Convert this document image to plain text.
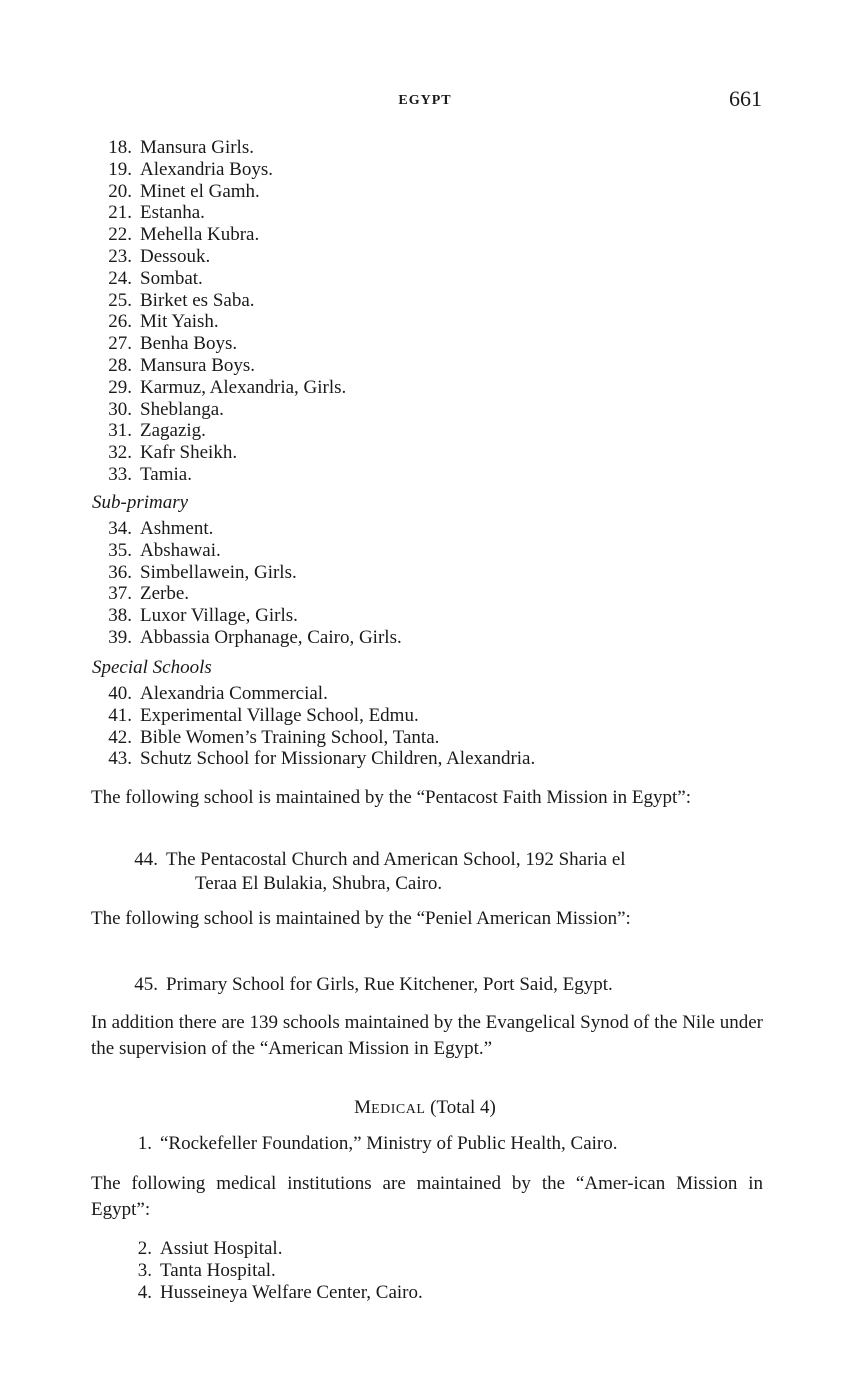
EGYPT	661
18. Mansura Girls.
19. Alexandria Boys.
20. Minet el Gamh.
21. Estanha.
22. Mehella Kubra.
23. Dessouk.
24. Sombat.
25. Birket es Saba.
26. Mit Yaish.
27. Benha Boys.
28. Mansura Boys.
29. Karmuz, Alexandria, Girls.
30. Sheblanga.
31. Zagazig.
32. Kafr Sheikh.
33. Tamia.
Sub-primary
34. Ashment.
35. Abshawai.
36. Simbellawein, Girls.
37. Zerbe.
38. Luxor Village, Girls.
39. Abbassia Orphanage, Cairo, Girls.
Special Schools
40. Alexandria Commercial.
41. Experimental Village School, Edmu.
42. Bible Women’s Training School, Tanta.
43. Schutz School for Missionary Children, Alexandria.

The following school is maintained by the “Pentacost Faith Mission in Egypt”:

44. The Pentacostal Church and American School, 192 Sharia el
Teraa El Bulakia, Shubra, Cairo.

The following school is maintained by the “Peniel American Mission”:

45. Primary School for Girls, Rue Kitchener, Port Said, Egypt.

In addition there are 139 schools maintained by the Evangelical Synod of the Nile under the supervision of the “American Mission in Egypt.”

MEDICAL (Total 4)
1. “Rockefeller Foundation,” Ministry of Public Health, Cairo.

The following medical institutions are maintained by the “Amer-ican Mission in Egypt”:

2. Assiut Hospital.
3. Tanta Hospital.
4. Husseineya Welfare Center, Cairo.
